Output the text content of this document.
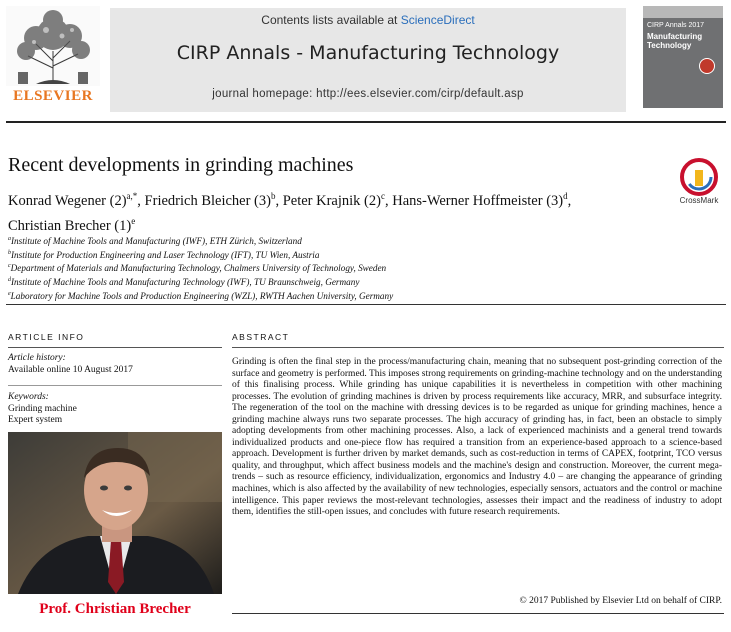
ELSEVIER
Contents lists available at ScienceDirect
CIRP Annals - Manufacturing Technology
journal homepage: http://ees.elsevier.com/cirp/default.asp
CIRP Annals 2017
Manufacturing Technology
Recent developments in grinding machines
Konrad Wegener $(2)^{a,*}$, Friedrich Bleicher $(3)^b$, Peter Krajnik $(2)^c$, Hans-Werner Hoffmeister $(3)^d$,
Christian Brecher $(1)^e$
CrossMark
$^a$Institute of Machine Tools and Manufacturing (IWF), ETH Zürich, Switzerland
$^b$Institute for Production Engineering and Laser Technology (IFT), TU Wien, Austria
$^c$Department of Materials and Manufacturing Technology, Chalmers University of Technology, Sweden
$^d$Institute of Machine Tools and Manufacturing Technology (IWF), TU Braunschweig, Germany
$^e$Laboratory for Machine Tools and Production Engineering (WZL), RWTH Aachen University, Germany
ARTICLE INFO
Article history:
Available online 10 August 2017
Keywords:
Grinding machine
Expert system
Prof. Christian Brecher
ABSTRACT
Grinding is often the final step in the process/manufacturing chain, meaning that no subsequent post-grinding correction of the surface and geometry is performed. This imposes strong requirements on grinding-machine technology and on the understanding of this finalising process. While grinding has unique capabilities it is nevertheless in competition with other machining processes. The evolution of grinding machines is driven by process requirements like accuracy, MRR, and subsurface integrity. The regeneration of the tool on the machine with dressing devices is to be regarded as unique for grinding machines, hence a grinding machine always runs two separate processes. The high accuracy of grinding has, in fact, been an obstacle to simply adopting developments from other machining processes. Also, a lack of experienced machinists and a general trend towards individualized products and one-piece flow has required a transition from an experience-based approach to a science-based approach. Development is further driven by market demands, such as cost-reduction in terms of CAPEX, footprint, TCO versus quality, and throughput, which affect business models and the machine's design and construction. Moreover, the current mega-trends – such as resource efficiency, individualization, ergonomics and Industry 4.0 – are changing the appearance of grinding machines, which is also affected by the availability of new technologies, especially sensors, actuators and the control or machine intelligence. This paper reviews the most-relevant technologies, assesses their impact and the readiness of industry to adopt them, identifies the still-open issues, and concludes with future research requirements.
© 2017 Published by Elsevier Ltd on behalf of CIRP.
